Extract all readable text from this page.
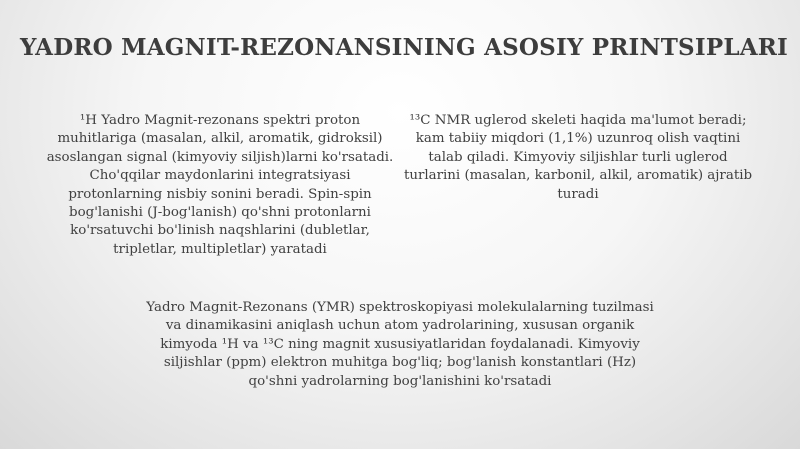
YADRO MAGNIT-REZONANSINING ASOSIY PRINTSIPLARI

¹H Yadro Magnit-rezonans spektri proton muhitlariga (masalan, alkil, aromatik, gidroksil) asoslangan signal (kimyoviy siljish)larni ko'rsatadi. Cho'qqilar maydonlarini integratsiyasi protonlarning nisbiy sonini beradi. Spin-spin bog'lanishi (J-bog'lanish) qo'shni protonlarni ko'rsatuvchi bo'linish naqshlarini (dubletlar, tripletlar, multipletlar) yaratadi

¹³C NMR uglerod skeleti haqida ma'lumot beradi; kam tabiiy miqdori (1,1%) uzunroq olish vaqtini talab qiladi. Kimyoviy siljishlar turli uglerod turlarini (masalan, karbonil, alkil, aromatik) ajratib turadi

Yadro Magnit-Rezonans (YMR) spektroskopiyasi molekulalarning tuzilmasi va dinamikasini aniqlash uchun atom yadrolarining, xususan organik kimyoda ¹H va ¹³C ning magnit xususiyatlaridan foydalanadi. Kimyoviy siljishlar (ppm) elektron muhitga bog'liq; bog'lanish konstantlari (Hz) qo'shni yadrolarning bog'lanishini ko'rsatadi
